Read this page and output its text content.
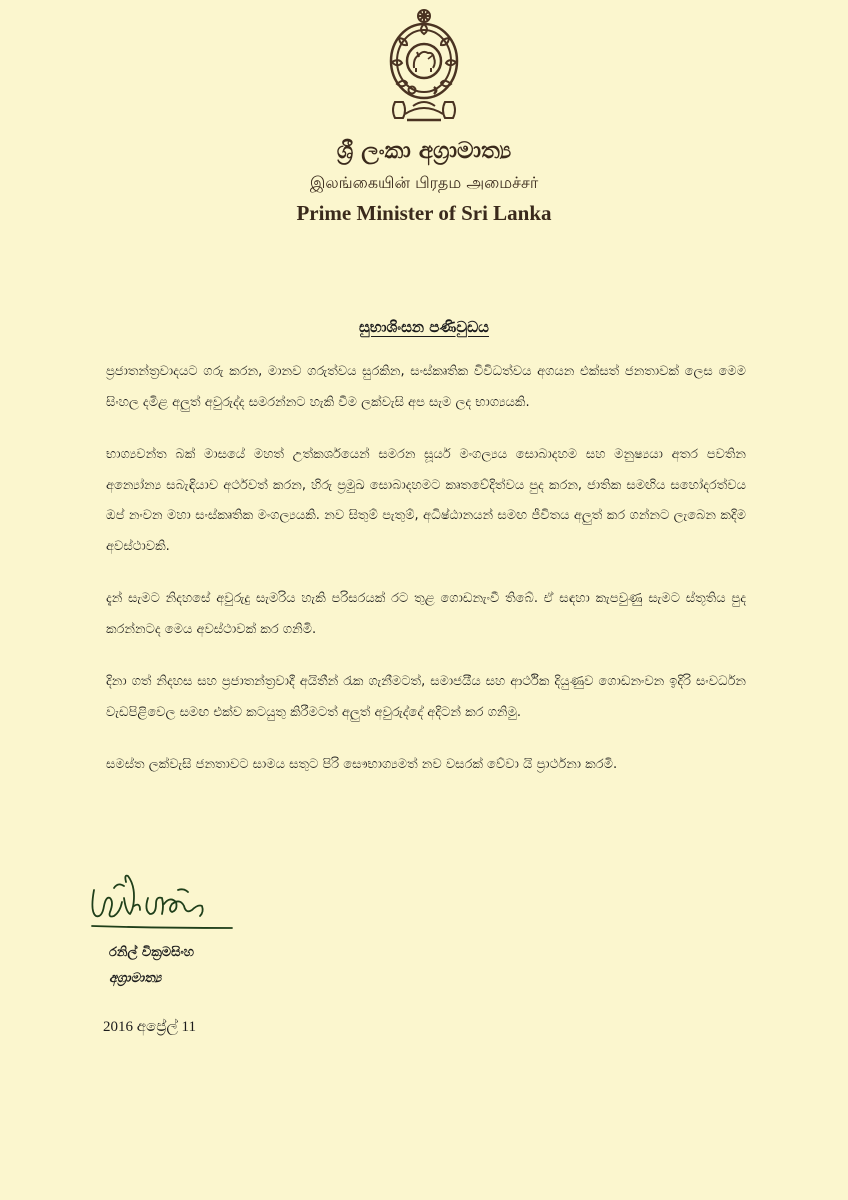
ශ්‍රී ලංකා අග්‍රාමාත්‍ය
இலங்கையின் பிரதம அமைச்சர்
Prime Minister of Sri Lanka
සුභාශිංසන පණිවුඩය

ප්‍රජාතන්ත්‍රවාදයට ගරු කරන, මානව ගරුත්වය සුරකින, සංස්කෘතික විවිධත්වය අගයන එක්සත් ජනතාවක් ලෙස මෙම සිංහල දමිළ අලුත් අවුරුද්ද සමරන්නට හැකි වීම ලක්වැසි අප සැම ලද භාග්‍යයකි.

භාග්‍යවන්ත බක් මාසයේ මහත් උත්කර්ශයෙන් සමරන සූර්ය මංගල්‍යය සොබාදහම සහ මනුෂ්‍යයා අතර පවතින අන්‍යෝන්‍ය සබැඳියාව අර්ථවත් කරන, හිරු ප්‍රමුඛ සොබාදහමට කෘතවේදිත්වය පුද කරන, ජාතික සමඟිය සහෝදරත්වය ඔප් නංවන මහා සංස්කෘතික මංගල්‍යයකි. නව සිතුම් පැතුම්, අධිෂ්ඨානයන් සමඟ ජීවිතය අලුත් කර ගන්නට ලැබෙන කදිම අවස්ථාවකි.

දැන් සැමට නිදහසේ අවුරුදු සැමරිය හැකි පරිසරයක් රට තුළ ගොඩනැංවී තිබේ. ඒ සඳහා කැපවුණු සැමට ස්තූතිය පුද කරන්නටද මෙය අවස්ථාවක් කර ගනිමි.

දිනා ගත් නිදහස සහ ප්‍රජාතන්ත්‍රවාදී අයිතීන් රැක ගැනීමටත්, සමාජයීය සහ ආර්ථික දියුණුව ගොඩනංවන ඉදිරි සංවර්ධන වැඩපිළිවෙල සමඟ එක්ව කටයුතු කිරීමටත් අලුත් අවුරුද්දේ අදිටන් කර ගනිමු.

සමස්ත ලක්වැසි ජනතාවට සාමය සතුට පිරි සෞභාග්‍යමත් නව වසරක් වේවා යි ප්‍රාර්ථනා කරමි.

රනිල් වික්‍රමසිංහ
අග්‍රාමාත්‍ය
2016 අප්‍රේල් 11
